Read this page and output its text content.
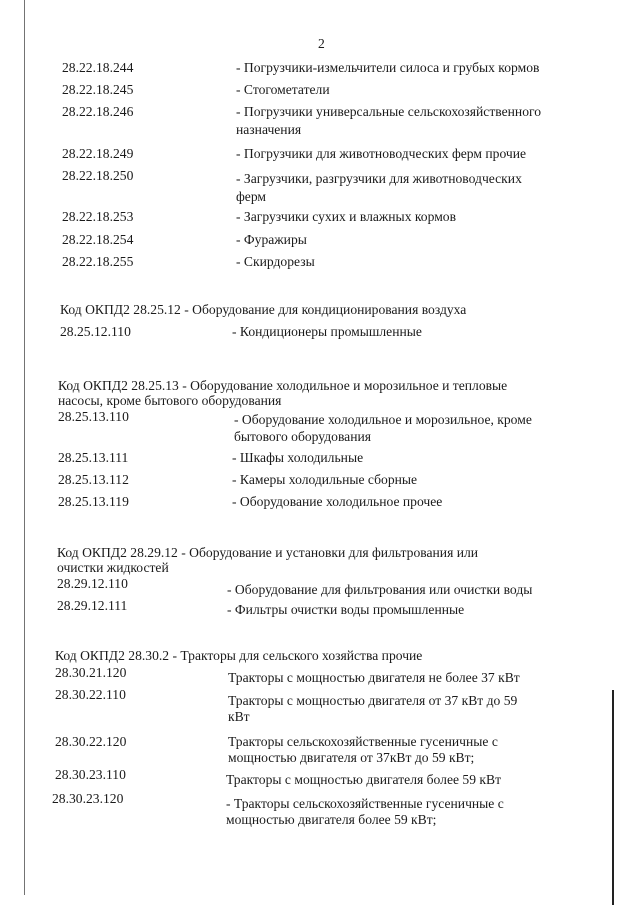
2
28.22.18.244	- Погрузчики-измельчители силоса и грубых кормов
28.22.18.245	- Стогометатели
28.22.18.246	- Погрузчики универсальные сельскохозяйственного
назначения
28.22.18.249	- Погрузчики для животноводческих ферм прочие
28.22.18.250	- Загрузчики, разгрузчики для животноводческих
ферм
28.22.18.253	- Загрузчики сухих и влажных кормов
28.22.18.254	- Фуражиры
28.22.18.255	- Скирдорезы
Код ОКПД2 28.25.12 - Оборудование для кондиционирования воздуха
28.25.12.110	- Кондиционеры промышленные
Код ОКПД2 28.25.13 - Оборудование холодильное и морозильное и тепловые
насосы, кроме бытового оборудования
28.25.13.110	- Оборудование холодильное и морозильное, кроме
бытового оборудования
28.25.13.111	- Шкафы холодильные
28.25.13.112	- Камеры холодильные сборные
28.25.13.119	- Оборудование холодильное прочее
Код ОКПД2 28.29.12 - Оборудование и установки для фильтрования или
очистки жидкостей
28.29.12.110	- Оборудование для фильтрования или очистки воды
28.29.12.111	- Фильтры очистки воды промышленные
Код ОКПД2 28.30.2 - Тракторы для сельского хозяйства прочие
28.30.21.120	Тракторы с мощностью двигателя не более 37 кВт
28.30.22.110	Тракторы с мощностью двигателя от 37 кВт до 59
кВт
28.30.22.120	Тракторы сельскохозяйственные гусеничные с
мощностью двигателя от 37кВт до 59 кВт;
28.30.23.110	Тракторы с мощностью двигателя более 59 кВт
28.30.23.120	- Тракторы сельскохозяйственные гусеничные с
мощностью двигателя более 59 кВт;
